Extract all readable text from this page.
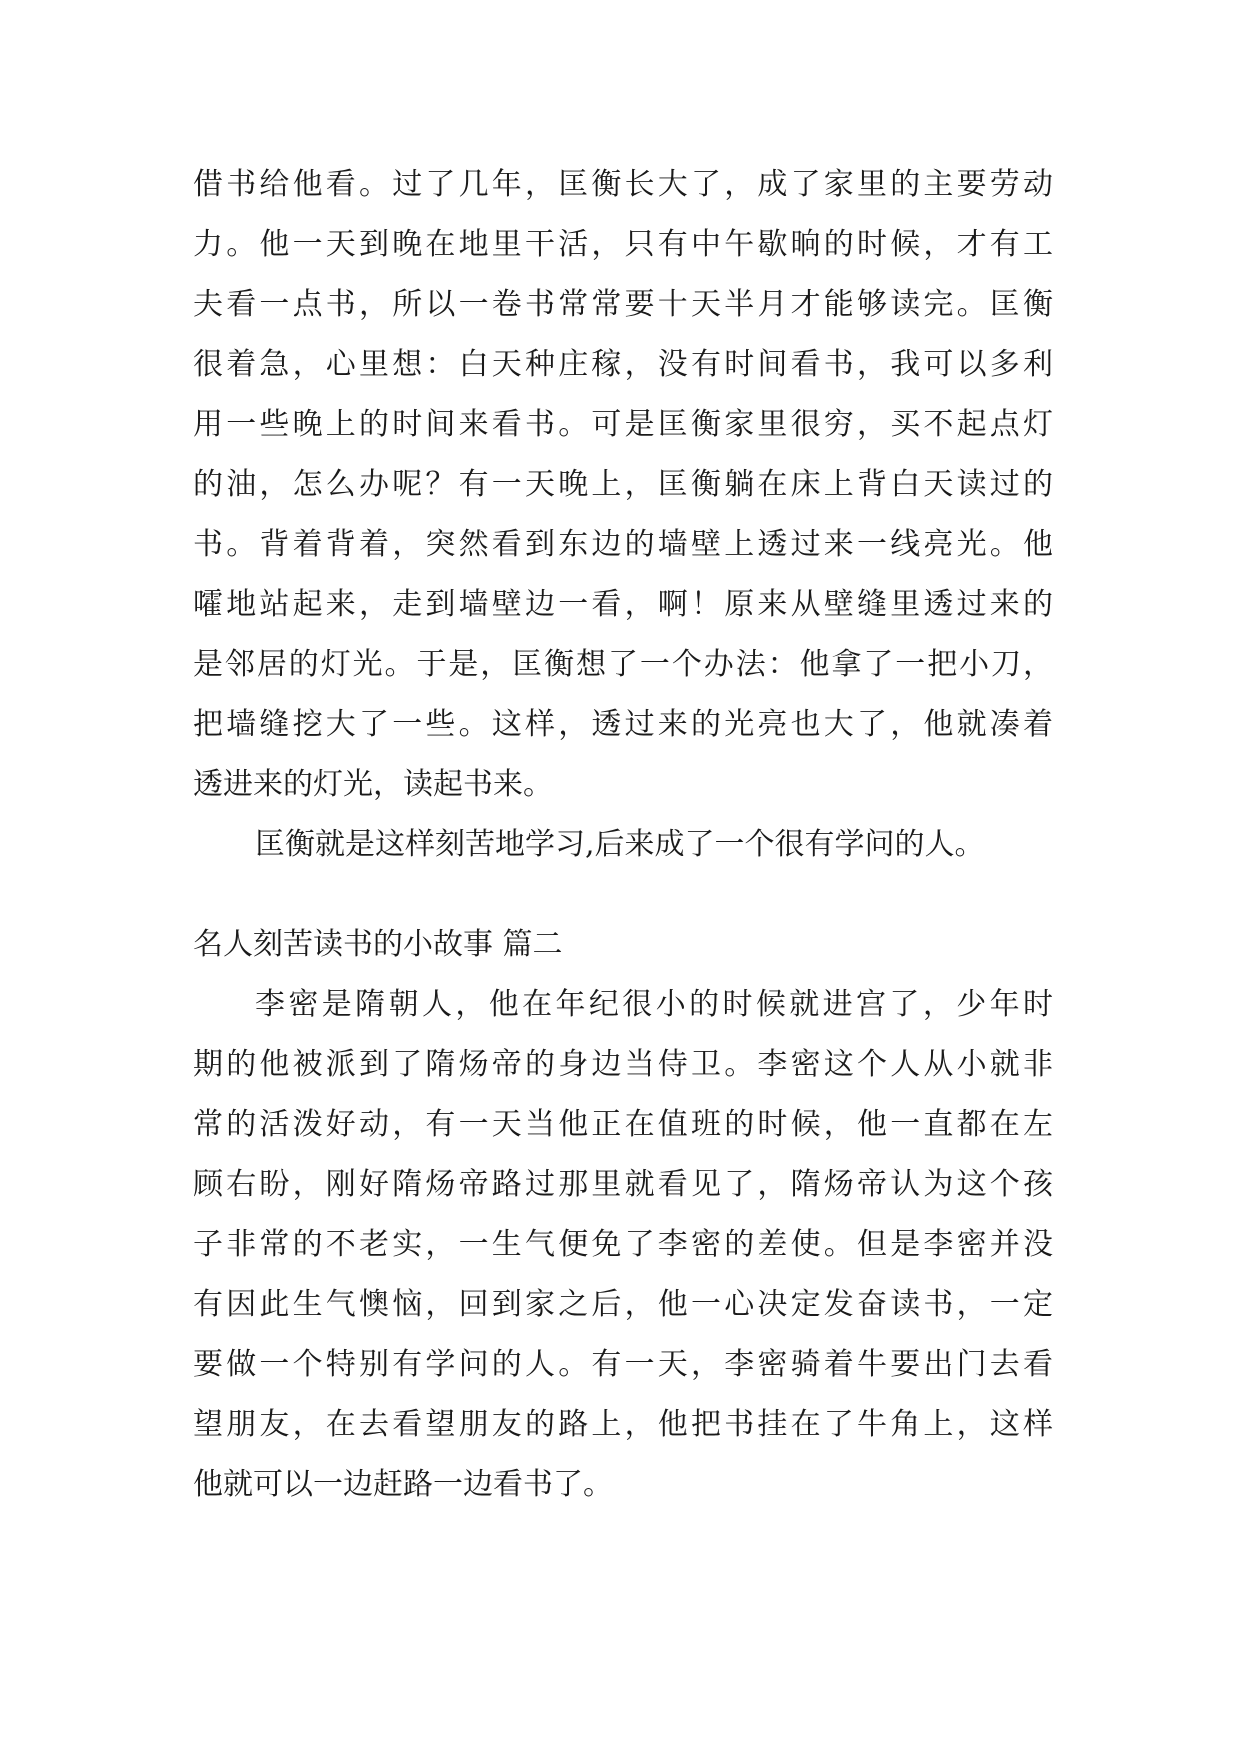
借书给他看。过了几年，匡衡长大了，成了家里的主要劳动
力。他一天到晚在地里干活，只有中午歇晌的时候，才有工
夫看一点书，所以一卷书常常要十天半月才能够读完。匡衡
很着急，心里想：白天种庄稼，没有时间看书，我可以多利
用一些晚上的时间来看书。可是匡衡家里很穷，买不起点灯
的油，怎么办呢？有一天晚上，匡衡躺在床上背白天读过的
书。背着背着，突然看到东边的墙壁上透过来一线亮光。他
嚯地站起来，走到墙壁边一看，啊！原来从壁缝里透过来的
是邻居的灯光。于是，匡衡想了一个办法：他拿了一把小刀，
把墙缝挖大了一些。这样，透过来的光亮也大了，他就凑着
透进来的灯光，读起书来。
匡衡就是这样刻苦地学习,后来成了一个很有学问的人。
名人刻苦读书的小故事 篇二
李密是隋朝人，他在年纪很小的时候就进宫了，少年时
期的他被派到了隋炀帝的身边当侍卫。李密这个人从小就非
常的活泼好动，有一天当他正在值班的时候，他一直都在左
顾右盼，刚好隋炀帝路过那里就看见了，隋炀帝认为这个孩
子非常的不老实，一生气便免了李密的差使。但是李密并没
有因此生气懊恼，回到家之后，他一心决定发奋读书，一定
要做一个特别有学问的人。有一天，李密骑着牛要出门去看
望朋友，在去看望朋友的路上，他把书挂在了牛角上，这样
他就可以一边赶路一边看书了。
